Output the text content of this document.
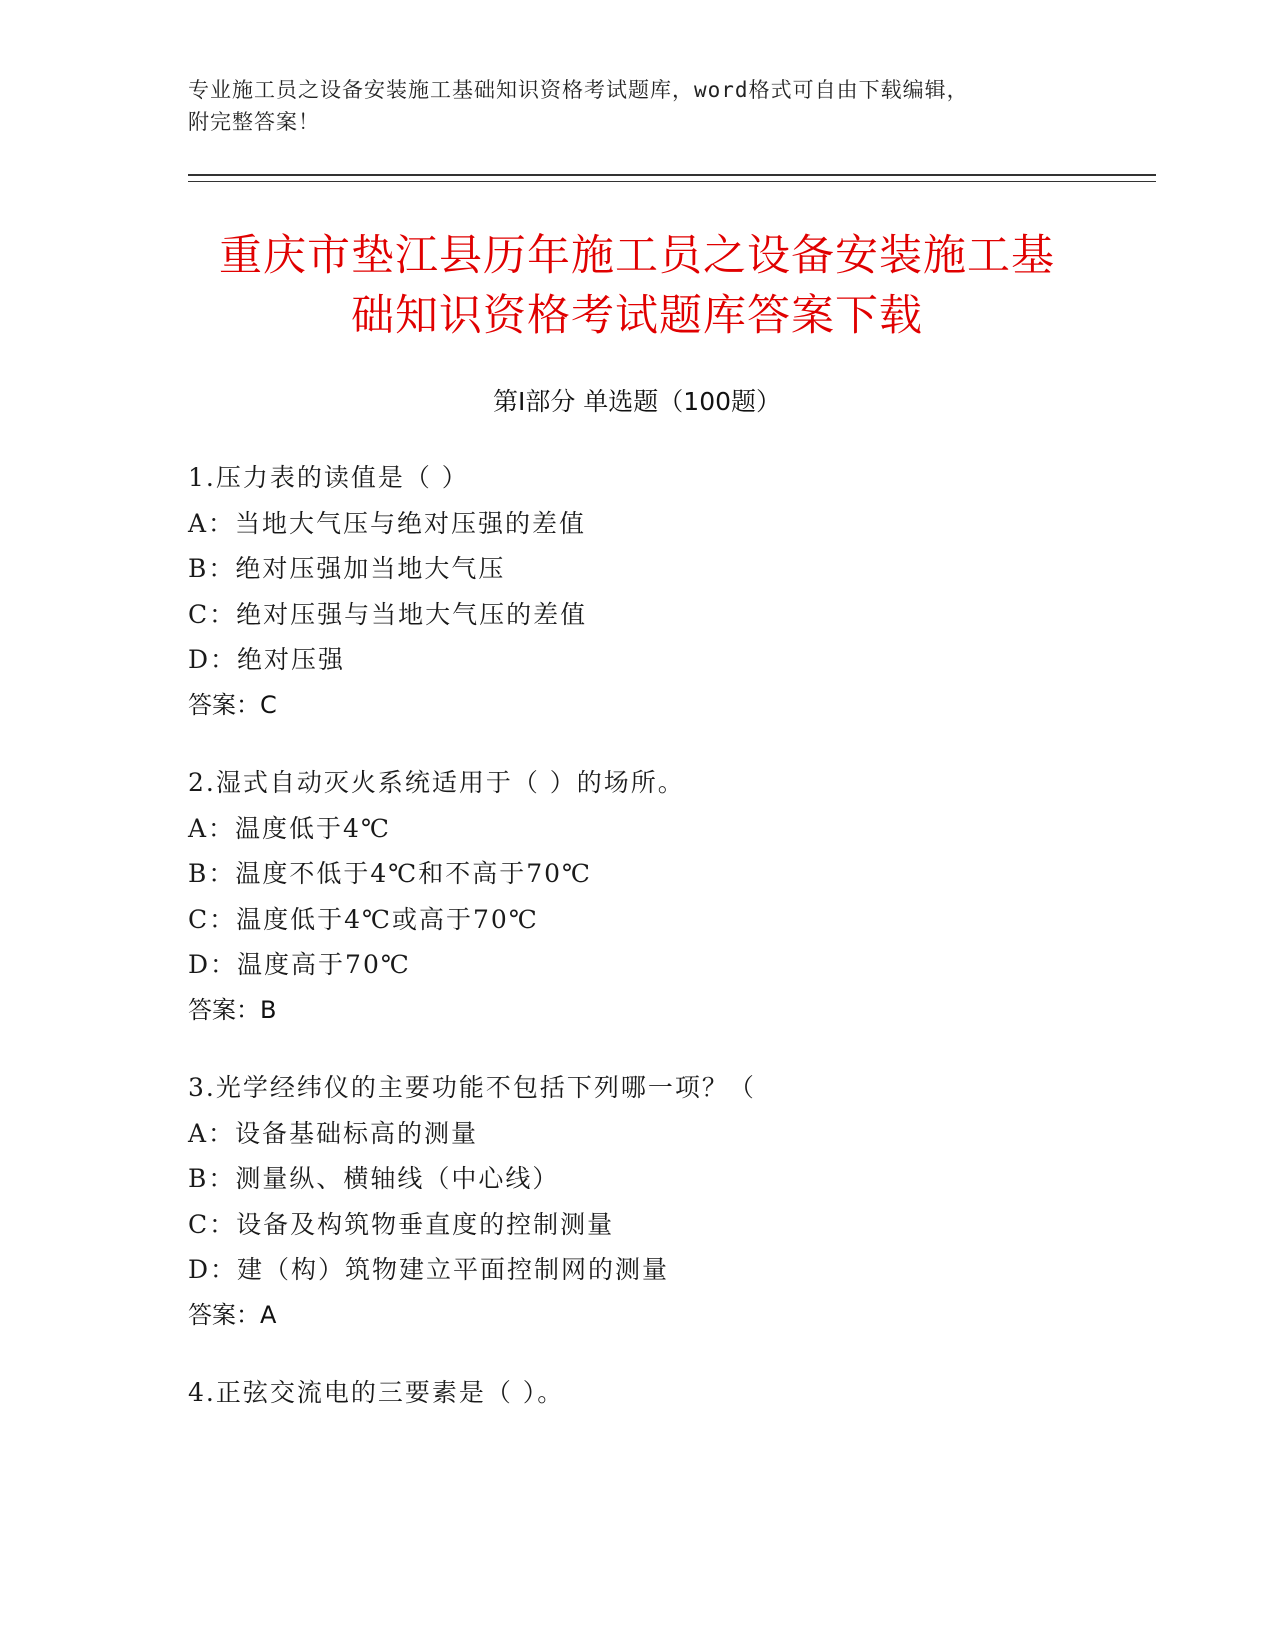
专业施工员之设备安装施工基础知识资格考试题库，word格式可自由下载编辑，
附完整答案！
重庆市垫江县历年施工员之设备安装施工基
础知识资格考试题库答案下载
第Ⅰ部分 单选题（100题）
1.压力表的读值是（ ）
A：当地大气压与绝对压强的差值
B：绝对压强加当地大气压
C：绝对压强与当地大气压的差值
D：绝对压强
答案：C
2.湿式自动灭火系统适用于（ ）的场所。
A：温度低于4℃
B：温度不低于4℃和不高于70℃
C：温度低于4℃或高于70℃
D：温度高于70℃
答案：B
3.光学经纬仪的主要功能不包括下列哪一项？（
A：设备基础标高的测量
B：测量纵、横轴线（中心线）
C：设备及构筑物垂直度的控制测量
D：建（构）筑物建立平面控制网的测量
答案：A
4.正弦交流电的三要素是（ ）。
